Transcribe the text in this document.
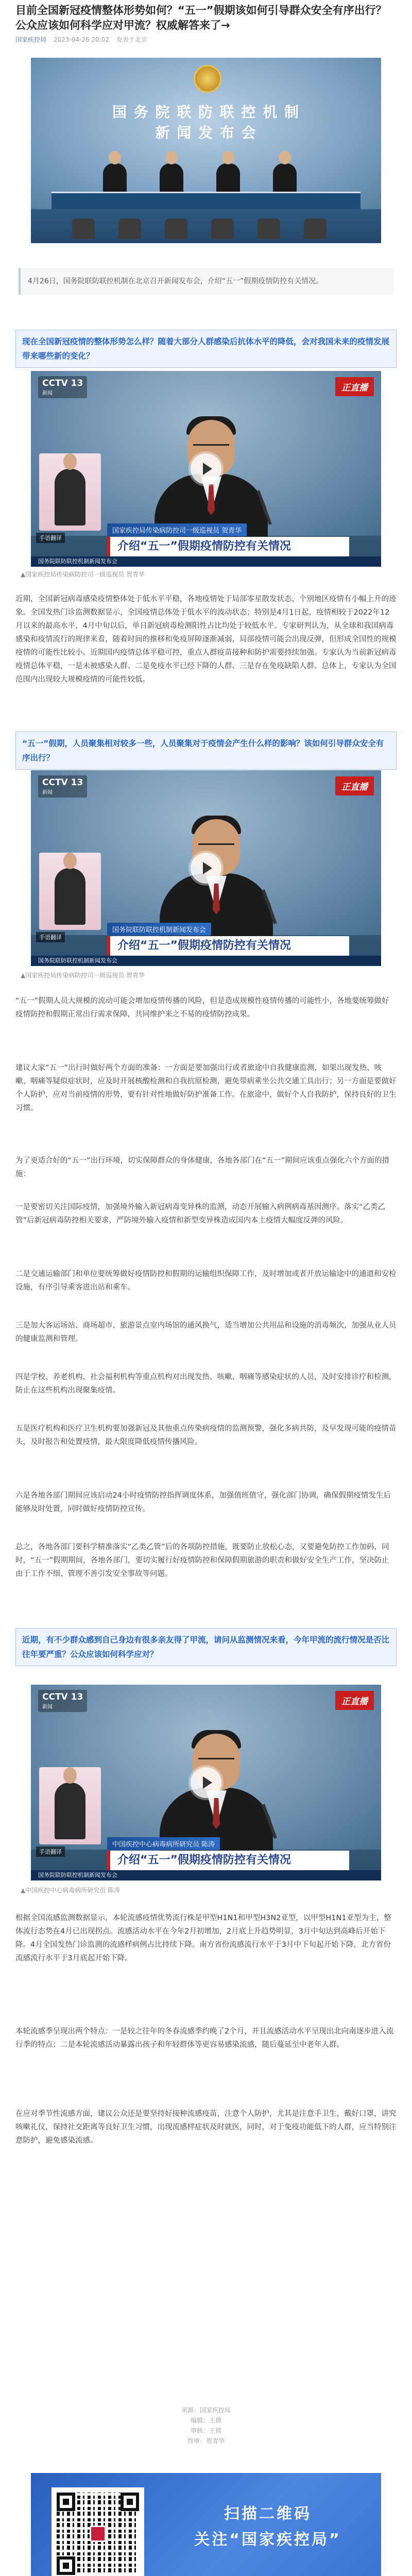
目前全国新冠疫情整体形势如何？“五一”假期该如何引导群众安全有序出行？公众应该如何科学应对甲流？权威解答来了→
国家疾控局 2023-04-26 20:02 发表于北京
国 务 院 联 防 联 控 机 制
新 闻 发 布 会
4月26日，国务院联防联控机制在北京召开新闻发布会，介绍“五一”假期疫情防控有关情况。
现在全国新冠疫情的整体形势怎么样？随着大部分人群感染后抗体水平的降低，会对我国未来的疫情发展带来哪些新的变化？
CCTV 13
新闻
正直播
手语翻译
国家疾控局传染病防控司一级巡视员 贺青华
介绍“五一”假期疫情防控有关情况
国务院联防联控机制新闻发布会
▲国家疾控局传染病防控司一级巡视员 贺青华

近期，全国新冠病毒感染疫情整体处于低水平平稳，各地疫情处于局部零星散发状态，个别地区疫情有小幅上升的迹象。全国发热门诊监测数据显示，全国疫情总体处于低水平的波动状态；特别是4月1日起，疫情相较于2022年12月以来的最高水平，4月中旬以后，单日新冠病毒检测阳性占比均处于较低水平。专家研判认为，从全球和我国病毒感染和疫情流行的规律来看，随着时间的推移和免疫屏障逐渐减弱，局部疫情可能会出现反弹，但形成全国性的规模疫情的可能性比较小。近期国内疫情总体平稳可控，重点人群疫苗接种和防护需要持续加强。专家认为当前新冠病毒疫情总体平稳，一是未被感染人群、二是免疫水平已经下降的人群、三是存在免疫缺陷人群。总体上，专家认为全国范围内出现较大规模疫情的可能性较低。

“五一”假期，人员聚集相对较多一些，人员聚集对于疫情会产生什么样的影响？该如何引导群众安全有序出行？
CCTV 13
新闻
正直播
手语翻译
国务院联防联控机制新闻发布会
介绍“五一”假期疫情防控有关情况
国务院联防联控机制新闻发布会
▲国家疾控局传染病防控司一级巡视员 贺青华

“五一”假期人员大规模的流动可能会增加疫情传播的风险，但是造成规模性疫情传播的可能性小，各地要统筹做好疫情防控和假期正常出行需求保障，共同维护来之不易的疫情防控成果。

建议大家“五一”出行时做好两个方面的准备：一方面是要加强出行或者旅途中自我健康监测，如果出现发热、咳嗽、咽痛等疑似症状时，应及时开展核酸检测和自我抗原检测，避免带病乘坐公共交通工具出行；另一方面是要做好个人防护，应对当前疫情的形势，要有针对性地做好防护准备工作。在旅途中，做好个人自我防护，保持良好的卫生习惯。

为了更适合好的“五一”出行环境，切实保障群众的身体健康，各地各部门在“五一”期间应该重点强化六个方面的措施：

一是要密切关注国际疫情，加强境外输入新冠病毒变异株的监测，动态开展输入病例病毒基因测序。落实“乙类乙管”后新冠病毒防控相关要求，严防境外输入疫情和新型变异株造成国内本土疫情大幅度反弹的风险。

二是交通运输部门和单位要统筹做好疫情防控和假期的运输组织保障工作，及时增加或者开放运输途中的通道和安检设施，有序引导乘客进出站和乘车。

三是加大客运场站、商场超市、旅游景点室内场馆的通风换气，适当增加公共用品和设施的消毒频次，加强从业人员的健康监测和管理。

四是学校、养老机构、社会福利机构等重点机构对出现发热、咳嗽、咽痛等感染症状的人员，及时安排诊疗和检测，防止在这些机构出现聚集疫情。

五是医疗机构和医疗卫生机构要加强新冠及其他重点传染病疫情的监测预警，强化多病共防，及早发现可能的疫情苗头，及时报告和处置疫情，最大限度降低疫情传播风险。

六是各地各部门期间应该启动24小时疫情防控指挥调度体系，加强值班值守，强化部门协调，确保假期疫情发生后能够及时处置，同时做好疫情防控宣传。

总之，各地各部门要科学精准落实“乙类乙管”后的各项防控措施，既要防止放松心态，又要避免防控工作加码，同时，“五一”假期期间，各地各部门，要切实履行好疫情防控和保障假期旅游的职责和做好安全生产工作，坚决防止由于工作不细、管理不善引发安全事故等问题。

近期，有不少群众感到自己身边有很多亲友得了甲流，请问从监测情况来看，今年甲流的流行情况是否比往年要严重？公众应该如何科学应对？
CCTV 13
新闻
正直播
手语翻译
中国疾控中心病毒病所研究员 陈涛
介绍“五一”假期疫情防控有关情况
国务院联防联控机制新闻发布会
▲中国疾控中心病毒病所研究员 陈涛

根据全国流感监测数据显示，本轮流感疫情优势流行株是甲型H1N1和甲型H3N2亚型，以甲型H1N1亚型为主，整体流行态势在4月已出现拐点。流感活动水平在今年2月初增加，2月底上升趋势明显，3月中旬达到高峰后开始下降。4月全国发热门诊监测的流感样病例占比持续下降。南方省份流感流行水平于3月中下旬起开始下降，北方省份流感流行水平于3月底起开始下降。

本轮流感季呈现出两个特点：一是较之往年的冬春流感季约晚了2个月，并且流感活动水平呈现出北向南逐步进入流行季的特点；二是本轮流感活动暴露出孩子和年轻群体等更容易感染流感，随后蔓延至中老年人群。

在应对季节性流感方面，建议公众还是要坚持好接种流感疫苗，注意个人防护，尤其是注意手卫生，戴好口罩，讲究咳嗽礼仪，保持社交距离等良好卫生习惯，出现流感样症状及时就医，同时，对于免疫功能低下的人群，应当特别注意防护，避免感染流感。

来源：国家疾控局
编辑：王倩
审核：王倩
终审：贺青华
扫描二维码
关注“国家疾控局”
